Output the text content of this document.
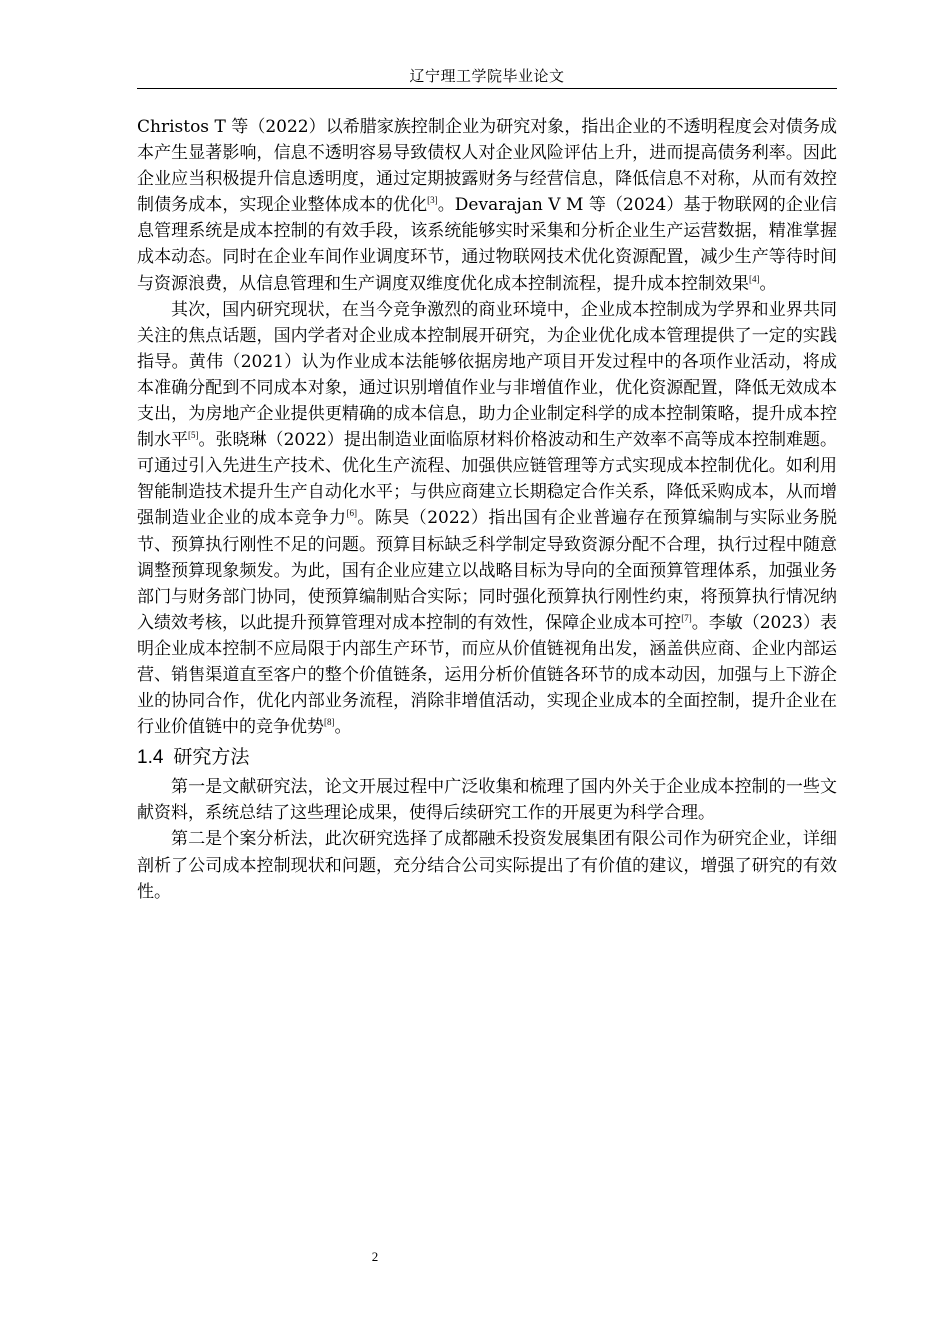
辽宁理工学院毕业论文

Christos T 等（2022）以希腊家族控制企业为研究对象，指出企业的不透明程度会对债务成本产生显著影响，信息不透明容易导致债权人对企业风险评估上升，进而提高债务利率。因此企业应当积极提升信息透明度，通过定期披露财务与经营信息，降低信息不对称，从而有效控制债务成本，实现企业整体成本的优化[3]。Devarajan V M 等（2024）基于物联网的企业信息管理系统是成本控制的有效手段，该系统能够实时采集和分析企业生产运营数据，精准掌握成本动态。同时在企业车间作业调度环节，通过物联网技术优化资源配置，减少生产等待时间与资源浪费，从信息管理和生产调度双维度优化成本控制流程，提升成本控制效果[4]。

其次，国内研究现状，在当今竞争激烈的商业环境中，企业成本控制成为学界和业界共同关注的焦点话题，国内学者对企业成本控制展开研究，为企业优化成本管理提供了一定的实践指导。黄伟（2021）认为作业成本法能够依据房地产项目开发过程中的各项作业活动，将成本准确分配到不同成本对象，通过识别增值作业与非增值作业，优化资源配置，降低无效成本支出，为房地产企业提供更精确的成本信息，助力企业制定科学的成本控制策略，提升成本控制水平[5]。张晓琳（2022）提出制造业面临原材料价格波动和生产效率不高等成本控制难题。可通过引入先进生产技术、优化生产流程、加强供应链管理等方式实现成本控制优化。如利用智能制造技术提升生产自动化水平；与供应商建立长期稳定合作关系，降低采购成本，从而增强制造业企业的成本竞争力[6]。陈昊（2022）指出国有企业普遍存在预算编制与实际业务脱节、预算执行刚性不足的问题。预算目标缺乏科学制定导致资源分配不合理，执行过程中随意调整预算现象频发。为此，国有企业应建立以战略目标为导向的全面预算管理体系，加强业务部门与财务部门协同，使预算编制贴合实际；同时强化预算执行刚性约束，将预算执行情况纳入绩效考核，以此提升预算管理对成本控制的有效性，保障企业成本可控[7]。李敏（2023）表明企业成本控制不应局限于内部生产环节，而应从价值链视角出发，涵盖供应商、企业内部运营、销售渠道直至客户的整个价值链条，运用分析价值链各环节的成本动因，加强与上下游企业的协同合作，优化内部业务流程，消除非增值活动，实现企业成本的全面控制，提升企业在行业价值链中的竞争优势[8]。

1.4 研究方法

第一是文献研究法，论文开展过程中广泛收集和梳理了国内外关于企业成本控制的一些文献资料，系统总结了这些理论成果，使得后续研究工作的开展更为科学合理。

第二是个案分析法，此次研究选择了成都融禾投资发展集团有限公司作为研究企业，详细剖析了公司成本控制现状和问题，充分结合公司实际提出了有价值的建议，增强了研究的有效性。

2
